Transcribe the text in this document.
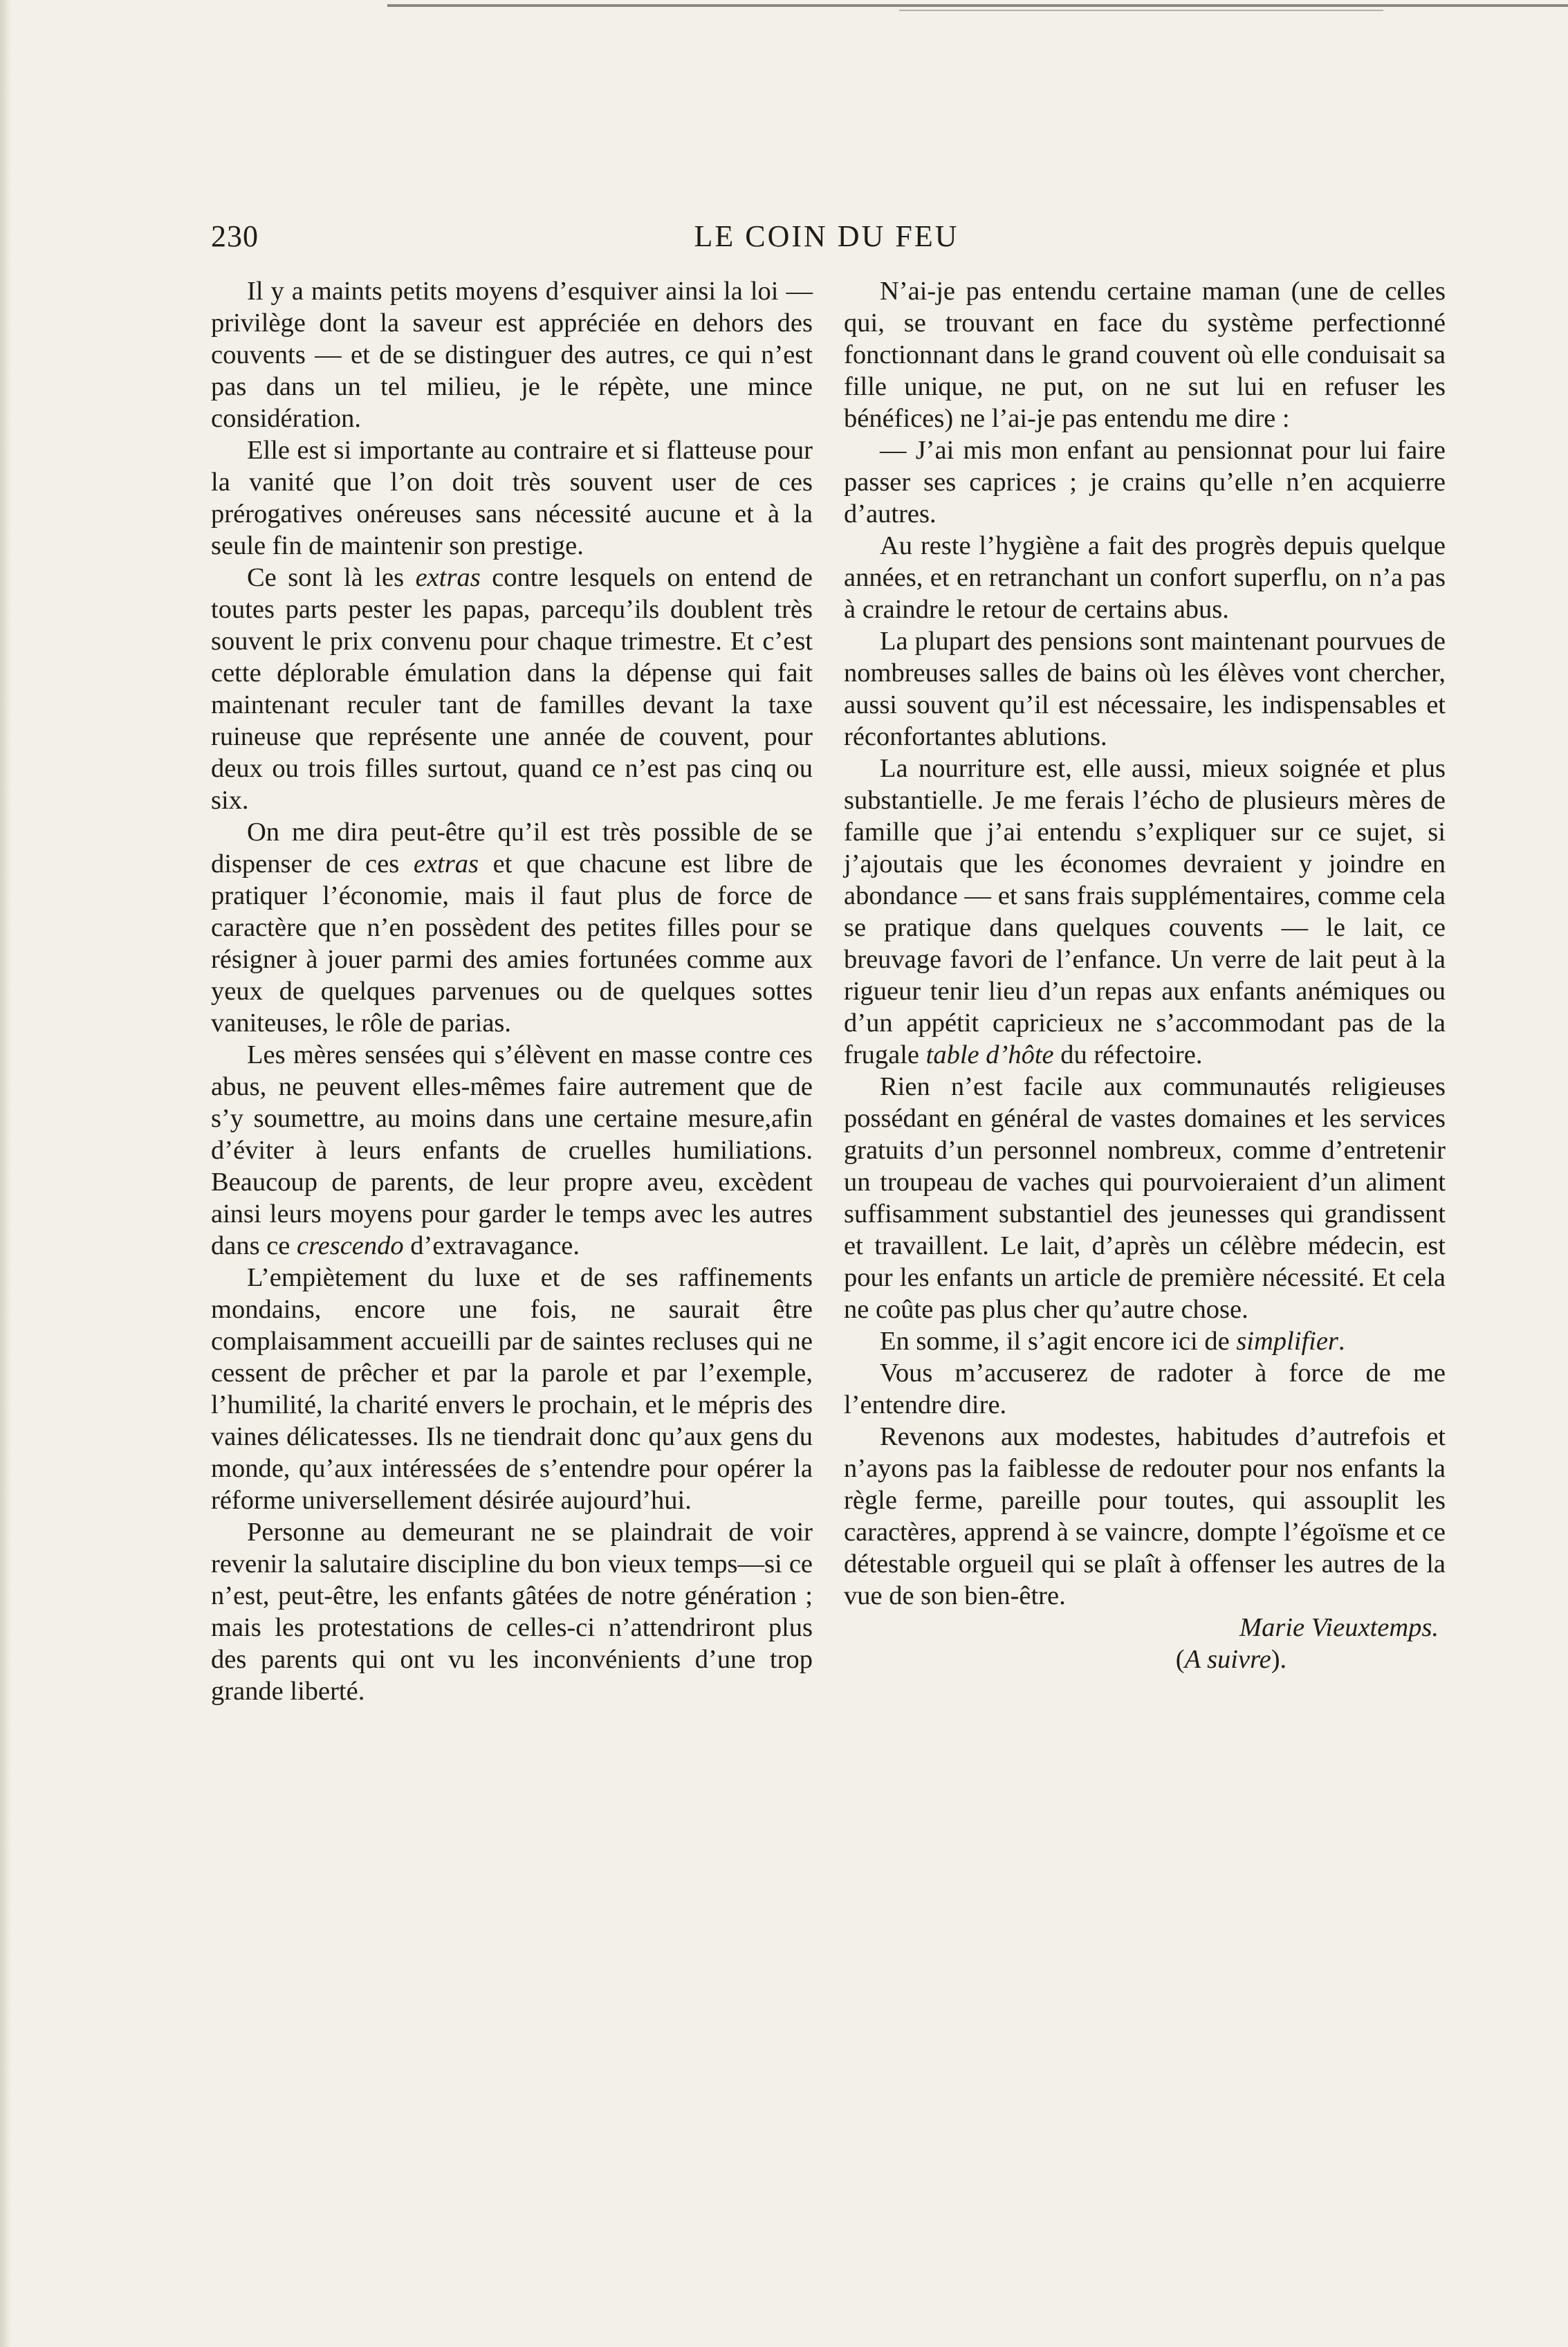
230	LE COIN DU FEU

Il y a maints petits moyens d’esquiver ainsi la loi — privilège dont la saveur est appréciée en dehors des couvents — et de se distinguer des autres, ce qui n’est pas dans un tel milieu, je le répète, une mince considération.

Elle est si importante au contraire et si flatteuse pour la vanité que l’on doit très souvent user de ces prérogatives onéreuses sans nécessité aucune et à la seule fin de maintenir son prestige.

Ce sont là les extras contre lesquels on entend de toutes parts pester les papas, parcequ’ils doublent très souvent le prix convenu pour chaque trimestre. Et c’est cette déplorable émulation dans la dépense qui fait maintenant reculer tant de familles devant la taxe ruineuse que représente une année de couvent, pour deux ou trois filles surtout, quand ce n’est pas cinq ou six.

On me dira peut-être qu’il est très possible de se dispenser de ces extras et que chacune est libre de pratiquer l’économie, mais il faut plus de force de caractère que n’en possèdent des petites filles pour se résigner à jouer parmi des amies fortunées comme aux yeux de quelques parvenues ou de quelques sottes vaniteuses, le rôle de parias.

Les mères sensées qui s’élèvent en masse contre ces abus, ne peuvent elles-mêmes faire autrement que de s’y soumettre, au moins dans une certaine mesure,afin d’éviter à leurs enfants de cruelles humiliations. Beaucoup de parents, de leur propre aveu, excèdent ainsi leurs moyens pour garder le temps avec les autres dans ce crescendo d’extravagance.

L’empiètement du luxe et de ses raffinements mondains, encore une fois, ne saurait être complaisamment accueilli par de saintes recluses qui ne cessent de prêcher et par la parole et par l’exemple, l’humilité, la charité envers le prochain, et le mépris des vaines délicatesses. Ils ne tiendrait donc qu’aux gens du monde, qu’aux intéressées de s’entendre pour opérer la réforme universellement désirée aujourd’hui.

Personne au demeurant ne se plaindrait de voir revenir la salutaire discipline du bon vieux temps—si ce n’est, peut-être, les enfants gâtées de notre génération ; mais les protestations de celles-ci n’attendriront plus des parents qui ont vu les inconvénients d’une trop grande liberté.

N’ai-je pas entendu certaine maman (une de celles qui, se trouvant en face du système perfectionné fonctionnant dans le grand couvent où elle conduisait sa fille unique, ne put, on ne sut lui en refuser les bénéfices) ne l’ai-je pas entendu me dire :

— J’ai mis mon enfant au pensionnat pour lui faire passer ses caprices ; je crains qu’elle n’en acquierre d’autres.

Au reste l’hygiène a fait des progrès depuis quelque années, et en retranchant un confort superflu, on n’a pas à craindre le retour de certains abus.

La plupart des pensions sont maintenant pourvues de nombreuses salles de bains où les élèves vont chercher, aussi souvent qu’il est nécessaire, les indispensables et réconfortantes ablutions.

La nourriture est, elle aussi, mieux soignée et plus substantielle. Je me ferais l’écho de plusieurs mères de famille que j’ai entendu s’expliquer sur ce sujet, si j’ajoutais que les économes devraient y joindre en abondance — et sans frais supplémentaires, comme cela se pratique dans quelques couvents — le lait, ce breuvage favori de l’enfance. Un verre de lait peut à la rigueur tenir lieu d’un repas aux enfants anémiques ou d’un appétit capricieux ne s’accommodant pas de la frugale table d’hôte du réfectoire.

Rien n’est facile aux communautés religieuses possédant en général de vastes domaines et les services gratuits d’un personnel nombreux, comme d’entretenir un troupeau de vaches qui pourvoieraient d’un aliment suffisamment substantiel des jeunesses qui grandissent et travaillent. Le lait, d’après un célèbre médecin, est pour les enfants un article de première nécessité. Et cela ne coûte pas plus cher qu’autre chose.

En somme, il s’agit encore ici de simplifier.

Vous m’accuserez de radoter à force de me l’entendre dire.

Revenons aux modestes, habitudes d’autrefois et n’ayons pas la faiblesse de redouter pour nos enfants la règle ferme, pareille pour toutes, qui assouplit les caractères, apprend à se vaincre, dompte l’égoïsme et ce détestable orgueil qui se plaît à offenser les autres de la vue de son bien-être.

Marie Vieuxtemps.

(A suivre).
